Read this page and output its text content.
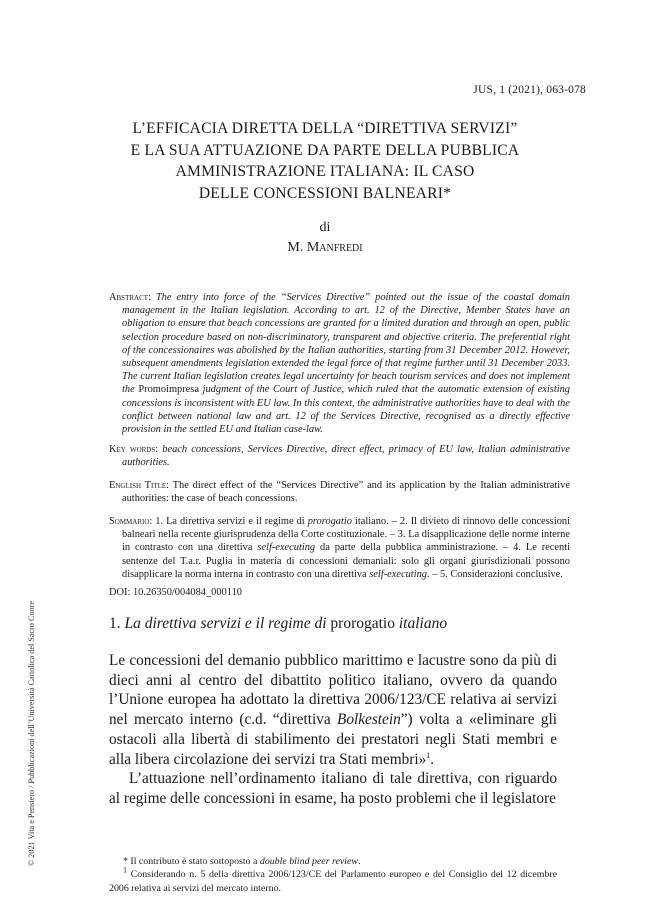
JUS, 1 (2021), 063-078
L’EFFICACIA DIRETTA DELLA “DIRETTIVA SERVIZI”
E LA SUA ATTUAZIONE DA PARTE DELLA PUBBLICA
AMMINISTRAZIONE ITALIANA: IL CASO
DELLE CONCESSIONI BALNEARI*
di
M. Manfredi
Abstract: The entry into force of the “Services Directive” pointed out the issue of the coastal domain management in the Italian legislation. According to art. 12 of the Directive, Member States have an obligation to ensure that beach concessions are granted for a limited duration and through an open, public selection procedure based on non-discriminatory, transparent and objective criteria. The preferential right of the concessionaires was abolished by the Italian authorities, starting from 31 December 2012. However, subsequent amendments legislation extended the legal force of that regime further until 31 December 2033. The current Italian legislation creates legal uncertainty for beach tourism services and does not implement the Promoimpresa judgment of the Court of Justice, which ruled that the automatic extension of existing concessions is inconsistent with EU law. In this context, the administrative authorities have to deal with the conflict between national law and art. 12 of the Services Directive, recognised as a directly effective provision in the settled EU and Italian case-law.
Key words: beach concessions, Services Directive, direct effect, primacy of EU law, Italian administrative authorities.
English Title: The direct effect of the “Services Directive” and its application by the Italian administrative authorities: the case of beach concessions.
Sommario: 1. La direttiva servizi e il regime di prorogatio italiano. – 2. Il divieto di rinnovo delle concessioni balneari nella recente giurisprudenza della Corte costituzionale. – 3. La disapplicazione delle norme interne in contrasto con una direttiva self-executing da parte della pubblica amministrazione. – 4. Le recenti sentenze del T.a.r. Puglia in materia di concessioni demaniali: solo gli organi giurisdizionali possono disapplicare la norma interna in contrasto con una direttiva self-executing. – 5. Considerazioni conclusive.
DOI: 10.26350/004084_000110
1. La direttiva servizi e il regime di prorogatio italiano

Le concessioni del demanio pubblico marittimo e lacustre sono da più di dieci anni al centro del dibattito politico italiano, ovvero da quando l’Unione europea ha adottato la direttiva 2006/123/CE relativa ai servizi nel mercato interno (c.d. “direttiva Bolkestein”) volta a «eliminare gli ostacoli alla libertà di stabilimento dei prestatori negli Stati membri e alla libera circolazione dei servizi tra Stati membri»$^1$.

L’attuazione nell’ordinamento italiano di tale direttiva, con riguardo al regime delle concessioni in esame, ha posto problemi che il legislatore

* Il contributo è stato sottoposto a double blind peer review.

$^1$ Considerando n. 5 della direttiva 2006/123/CE del Parlamento europeo e del Consiglio del 12 dicembre 2006 relativa ai servizi del mercato interno.

© 2021 Vita e Pensiero / Pubblicazioni dell’Università Cattolica del Sacro Cuore
